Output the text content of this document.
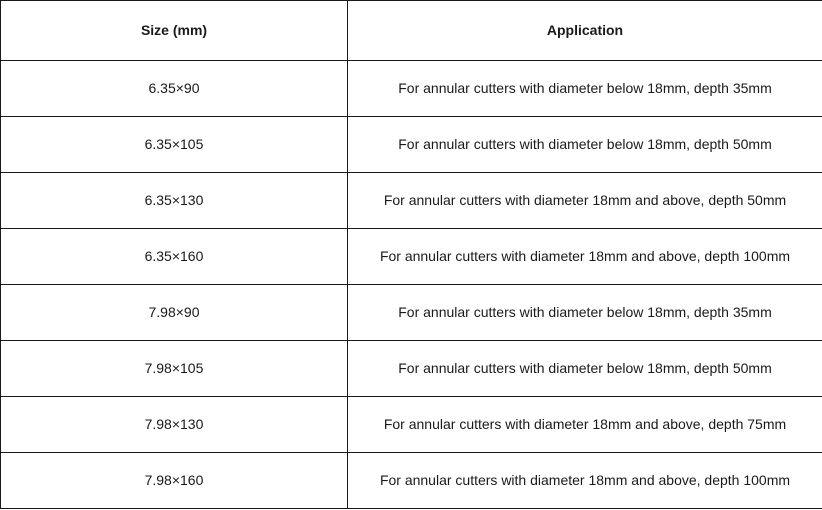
Size (mm)	Application
6.35×90	For annular cutters with diameter below 18mm, depth 35mm
6.35×105	For annular cutters with diameter below 18mm, depth 50mm
6.35×130	For annular cutters with diameter 18mm and above, depth 50mm
6.35×160	For annular cutters with diameter 18mm and above, depth 100mm
7.98×90	For annular cutters with diameter below 18mm, depth 35mm
7.98×105	For annular cutters with diameter below 18mm, depth 50mm
7.98×130	For annular cutters with diameter 18mm and above, depth 75mm
7.98×160	For annular cutters with diameter 18mm and above, depth 100mm
